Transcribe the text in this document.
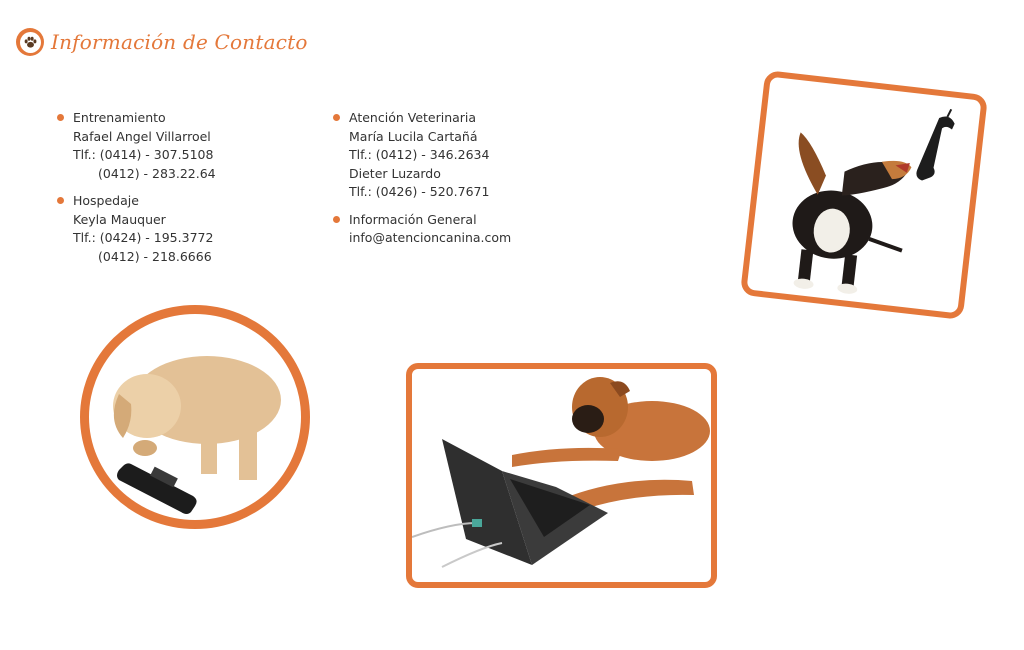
Información de Contacto
Entrenamiento
Rafael Angel Villarroel
Tlf.: (0414) - 307.5108
(0412) - 283.22.64
Hospedaje
Keyla Mauquer
Tlf.: (0424) - 195.3772
(0412) - 218.6666
Atención Veterinaria
María Lucila Cartañá
Tlf.: (0412) - 346.2634
Dieter Luzardo
Tlf.: (0426) - 520.7671
Información General
info@atencioncanina.com
